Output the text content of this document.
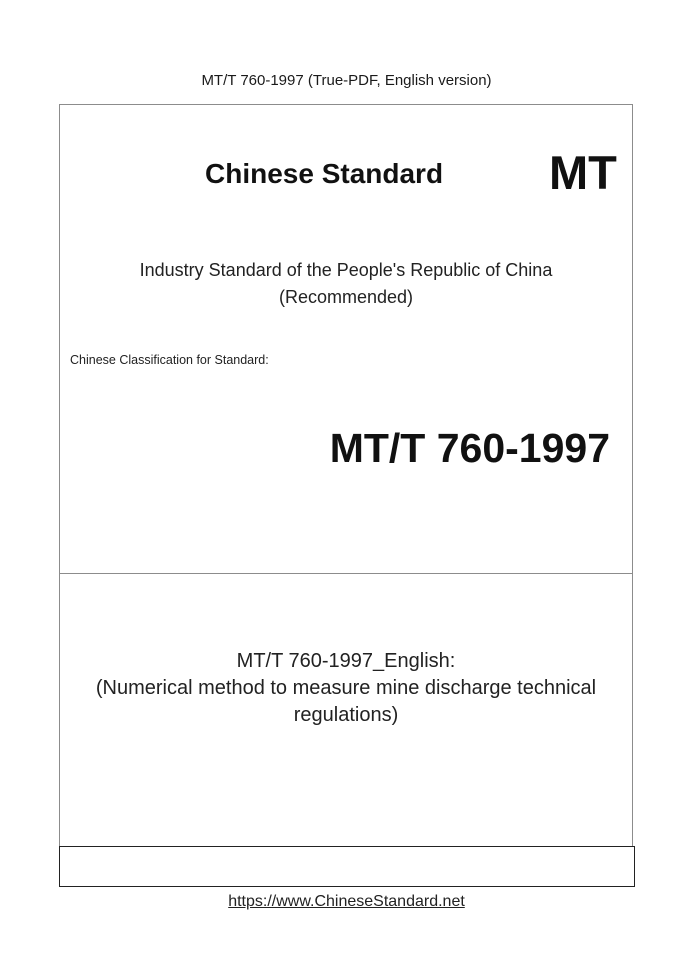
MT/T 760-1997 (True-PDF, English version)
Chinese Standard MT
Industry Standard of the People's Republic of China
(Recommended)
Chinese Classification for Standard:
MT/T 760-1997
MT/T 760-1997_English:
(Numerical method to measure mine discharge technical
regulations)
https://www.ChineseStandard.net
